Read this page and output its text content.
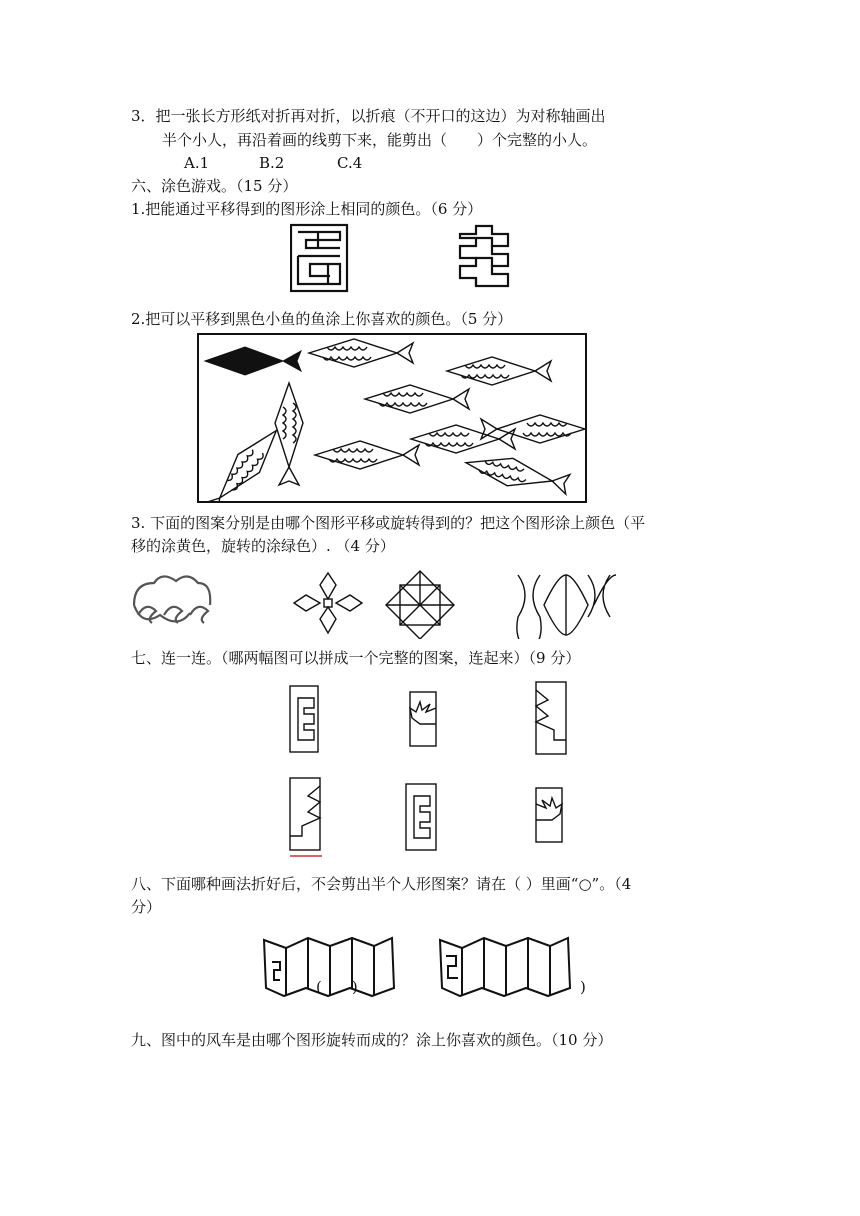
3．把一张长方形纸对折再对折，以折痕（不开口的这边）为对称轴画出
半个小人，再沿着画的线剪下来，能剪出（　　）个完整的小人。
A.1	B.2	C.4
六、涂色游戏。（15 分）
1.把能通过平移得到的图形涂上相同的颜色。（6 分）
2.把可以平移到黑色小鱼的鱼涂上你喜欢的颜色。（5 分）
3. 下面的图案分别是由哪个图形平移或旋转得到的？把这个图形涂上颜色（平
移的涂黄色，旋转的涂绿色）. （4 分）
七、连一连。（哪两幅图可以拼成一个完整的图案，连起来）（9 分）
八、下面哪种画法折好后，不会剪出半个人形图案？请在（ ）里画“○”。（4
分）
(　　)	)
九、图中的风车是由哪个图形旋转而成的？涂上你喜欢的颜色。（10 分）
